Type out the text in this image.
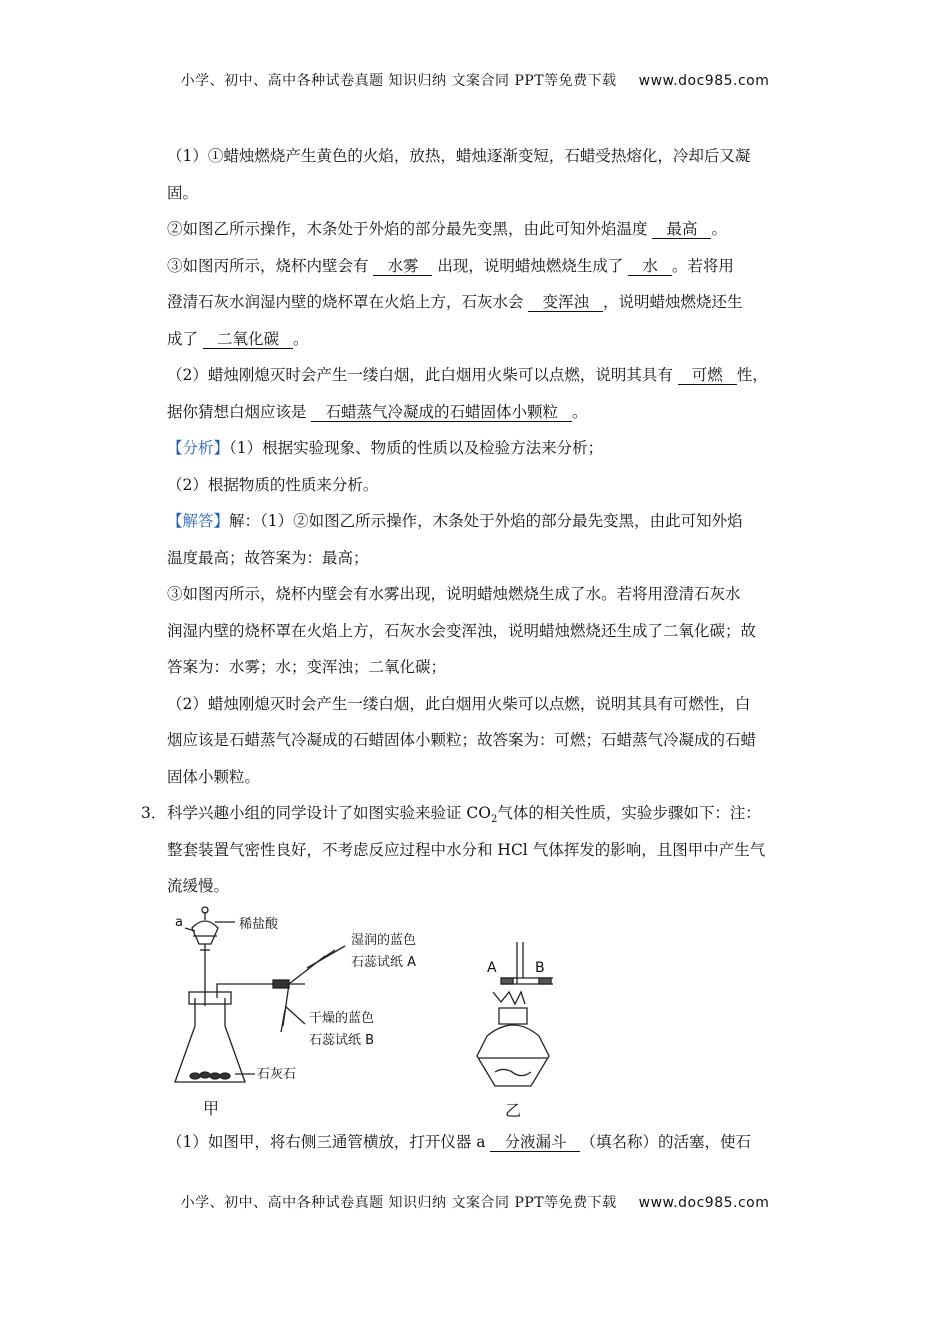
小学、初中、高中各种试卷真题 知识归纳 文案合同 PPT等免费下载 www.doc985.com
（1）①蜡烛燃烧产生黄色的火焰，放热，蜡烛逐渐变短，石蜡受热熔化，冷却后又凝
固。
②如图乙所示操作，木条处于外焰的部分最先变黑，由此可知外焰温度 最高 。
③如图丙所示，烧杯内壁会有 水雾 出现，说明蜡烛燃烧生成了 水 。若将用
澄清石灰水润湿内壁的烧杯罩在火焰上方，石灰水会 变浑浊 ，说明蜡烛燃烧还生
成了 二氧化碳 。
（2）蜡烛刚熄灭时会产生一缕白烟，此白烟用火柴可以点燃，说明其具有 可燃 性，
据你猜想白烟应该是 石蜡蒸气冷凝成的石蜡固体小颗粒 。
【分析】（1）根据实验现象、物质的性质以及检验方法来分析；
（2）根据物质的性质来分析。
【解答】解：（1）②如图乙所示操作，木条处于外焰的部分最先变黑，由此可知外焰
温度最高；故答案为：最高；
③如图丙所示，烧杯内壁会有水雾出现，说明蜡烛燃烧生成了水。若将用澄清石灰水
润湿内壁的烧杯罩在火焰上方，石灰水会变浑浊，说明蜡烛燃烧还生成了二氧化碳；故
答案为：水雾；水；变浑浊；二氧化碳；
（2）蜡烛刚熄灭时会产生一缕白烟，此白烟用火柴可以点燃，说明其具有可燃性，白
烟应该是石蜡蒸气冷凝成的石蜡固体小颗粒；故答案为：可燃；石蜡蒸气冷凝成的石蜡
固体小颗粒。
3． 科学兴趣小组的同学设计了如图实验来验证 $CO_2$气体的相关性质，实验步骤如下：注：
整套装置气密性良好，不考虑反应过程中水分和 HCl 气体挥发的影响，且图甲中产生气
流缓慢。
a	稀盐酸
湿润的蓝色
石蕊试纸 A
干燥的蓝色
石蕊试纸 B
石灰石
甲
A	B
乙
（1）如图甲，将右侧三通管横放，打开仪器 a 分液漏斗 （填名称）的活塞，使石
小学、初中、高中各种试卷真题 知识归纳 文案合同 PPT等免费下载 www.doc985.com
